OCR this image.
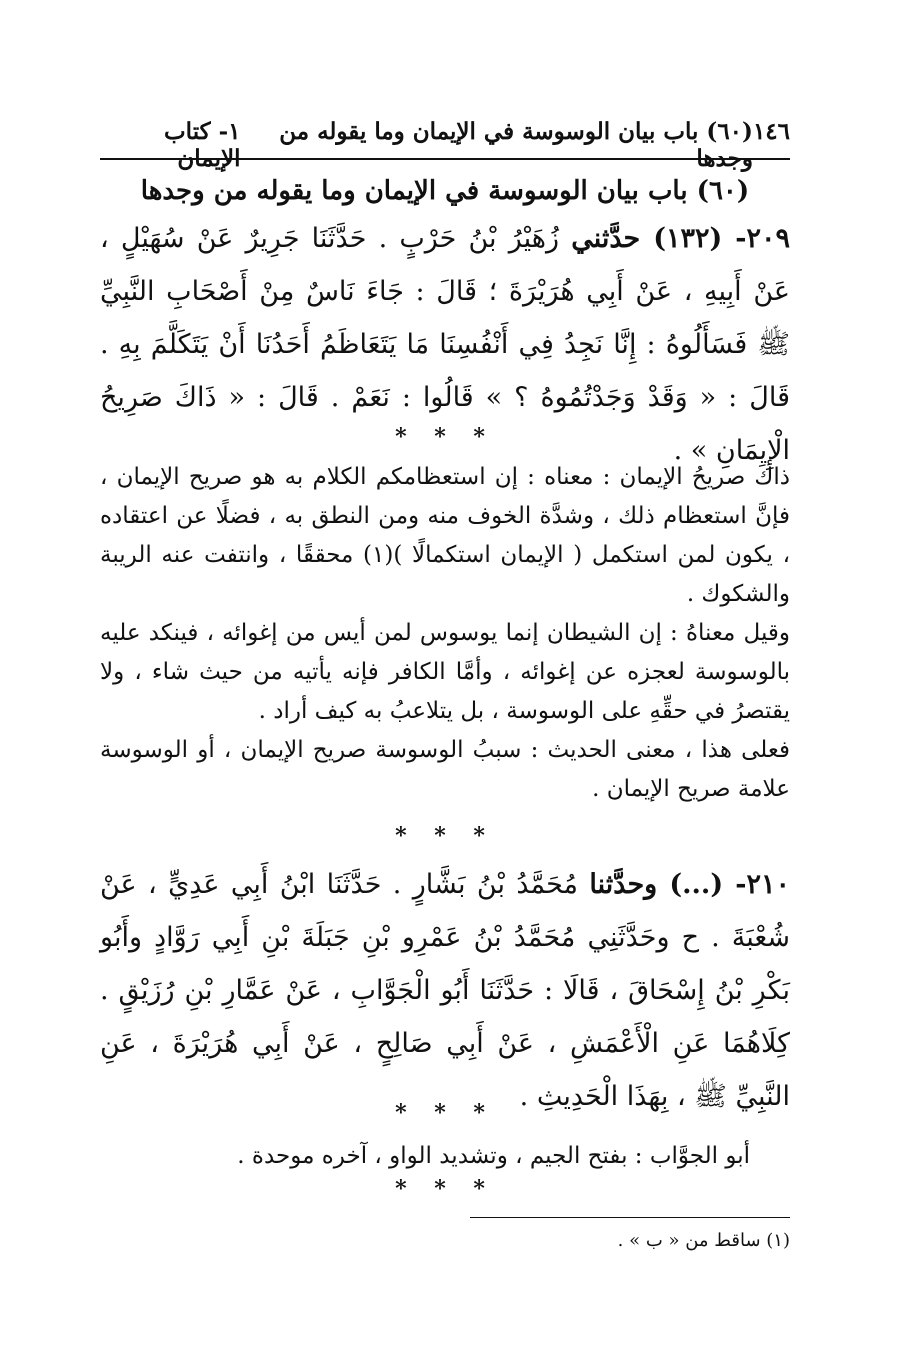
١٤٦
(٦٠) باب بيان الوسوسة في الإيمان وما يقوله من وجدها
١- كتاب الإيمان
(٦٠) باب بيان الوسوسة في الإيمان وما يقوله من وجدها
٢٠٩- (١٣٢) حدَّثني زُهَيْرُ بْنُ حَرْبٍ . حَدَّثَنَا جَرِيرٌ عَنْ سُهَيْلٍ ، عَنْ أَبِيهِ ، عَنْ أَبِي هُرَيْرَةَ ؛ قَالَ : جَاءَ نَاسٌ مِنْ أَصْحَابِ النَّبِيِّ ﷺ فَسَأَلُوهُ : إِنَّا نَجِدُ فِي أَنْفُسِنَا مَا يَتَعَاظَمُ أَحَدُنَا أَنْ يَتَكَلَّمَ بِهِ . قَالَ : « وَقَدْ وَجَدْتُمُوهُ ؟ » قَالُوا : نَعَمْ . قَالَ : « ذَاكَ صَرِيحُ الْإِيمَانِ » .
* * *

ذاكَ صريحُ الإيمان : معناه : إن استعظامكم الكلام به هو صريح الإيمان ، فإنَّ استعظام ذلك ، وشدَّة الخوف منه ومن النطق به ، فضلًا عن اعتقاده ، يكون لمن استكمل ( الإيمان استكمالًا )(١) محققًا ، وانتفت عنه الريبة والشكوك .

وقيل معناهُ : إن الشيطان إنما يوسوس لمن أيس من إغوائه ، فينكد عليه بالوسوسة لعجزه عن إغوائه ، وأمَّا الكافر فإنه يأتيه من حيث شاء ، ولا يقتصرُ في حقِّهِ على الوسوسة ، بل يتلاعبُ به كيف أراد .

فعلى هذا ، معنى الحديث : سببُ الوسوسة صريح الإيمان ، أو الوسوسة علامة صريح الإيمان .

* * *
٢١٠- (...) وحدَّثنا مُحَمَّدُ بْنُ بَشَّارٍ . حَدَّثَنَا ابْنُ أَبِي عَدِيٍّ ، عَنْ شُعْبَةَ . ح وحَدَّثَنِي مُحَمَّدُ بْنُ عَمْرِو بْنِ جَبَلَةَ بْنِ أَبِي رَوَّادٍ وأَبُو بَكْرِ بْنُ إِسْحَاقَ ، قَالَا : حَدَّثَنَا أَبُو الْجَوَّابِ ، عَنْ عَمَّارِ بْنِ رُزَيْقٍ . كِلَاهُمَا عَنِ الْأَعْمَشِ ، عَنْ أَبِي صَالِحٍ ، عَنْ أَبِي هُرَيْرَةَ ، عَنِ النَّبِيِّ ﷺ ، بِهَذَا الْحَدِيثِ .
* * *
أبو الجوَّاب : بفتح الجيم ، وتشديد الواو ، آخره موحدة .
* * *
(١) ساقط من « ب » .
